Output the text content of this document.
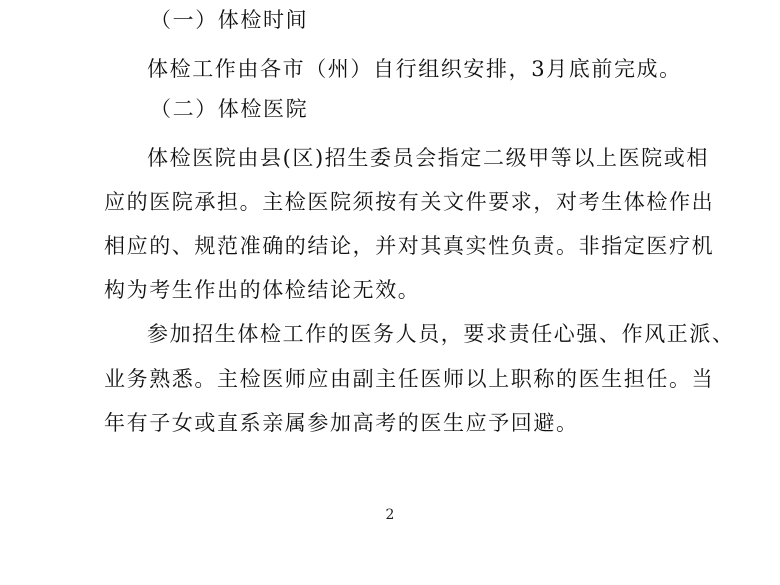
（一）体检时间
体检工作由各市（州）自行组织安排，3月底前完成。
（二）体检医院
体检医院由县(区)招生委员会指定二级甲等以上医院或相
应的医院承担。主检医院须按有关文件要求，对考生体检作出
相应的、规范准确的结论，并对其真实性负责。非指定医疗机
构为考生作出的体检结论无效。
参加招生体检工作的医务人员，要求责任心强、作风正派、
业务熟悉。主检医师应由副主任医师以上职称的医生担任。当
年有子女或直系亲属参加高考的医生应予回避。
2
